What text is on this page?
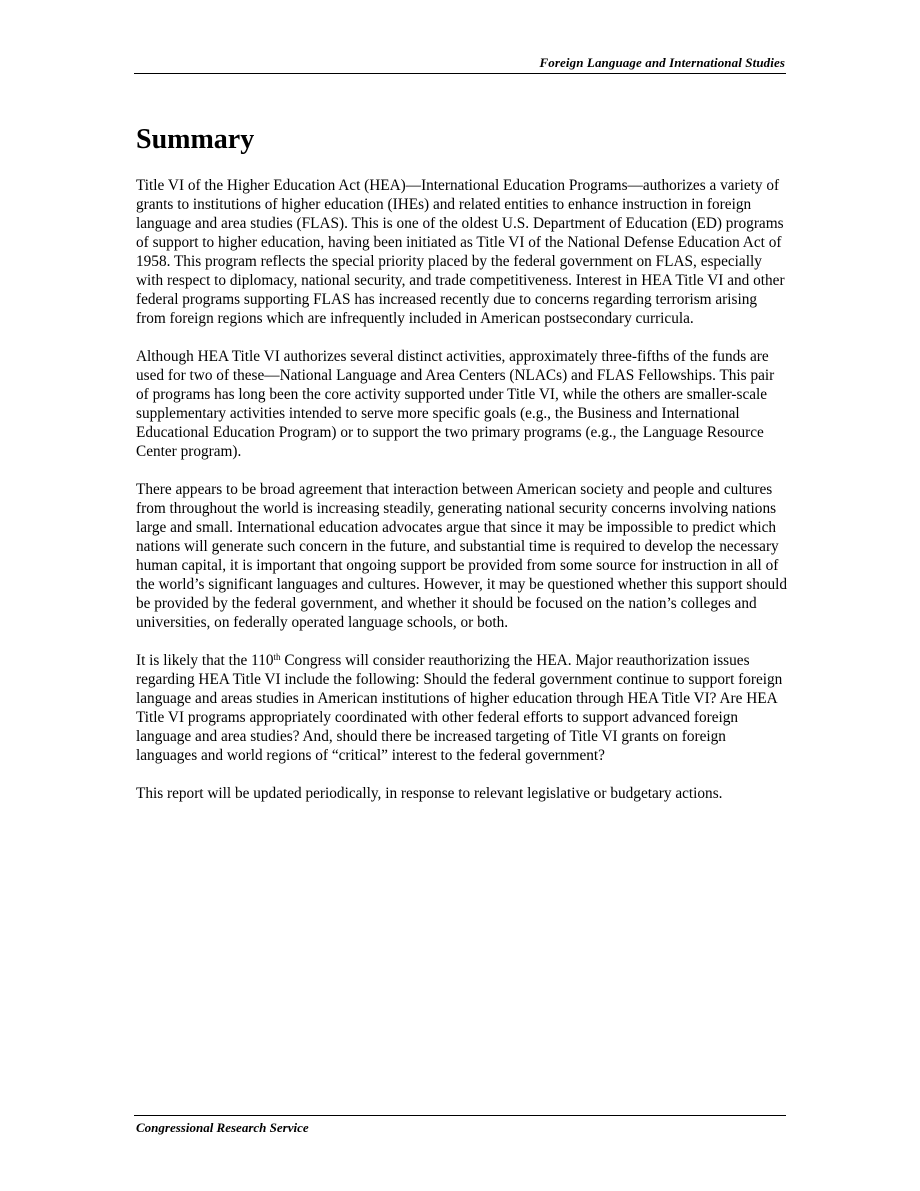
Foreign Language and International Studies
Summary

Title VI of the Higher Education Act (HEA)—International Education Programs—authorizes a variety of grants to institutions of higher education (IHEs) and related entities to enhance instruction in foreign language and area studies (FLAS). This is one of the oldest U.S. Department of Education (ED) programs of support to higher education, having been initiated as Title VI of the National Defense Education Act of 1958. This program reflects the special priority placed by the federal government on FLAS, especially with respect to diplomacy, national security, and trade competitiveness. Interest in HEA Title VI and other federal programs supporting FLAS has increased recently due to concerns regarding terrorism arising from foreign regions which are infrequently included in American postsecondary curricula.

Although HEA Title VI authorizes several distinct activities, approximately three-fifths of the funds are used for two of these—National Language and Area Centers (NLACs) and FLAS Fellowships. This pair of programs has long been the core activity supported under Title VI, while the others are smaller-scale supplementary activities intended to serve more specific goals (e.g., the Business and International Educational Education Program) or to support the two primary programs (e.g., the Language Resource Center program).

There appears to be broad agreement that interaction between American society and people and cultures from throughout the world is increasing steadily, generating national security concerns involving nations large and small. International education advocates argue that since it may be impossible to predict which nations will generate such concern in the future, and substantial time is required to develop the necessary human capital, it is important that ongoing support be provided from some source for instruction in all of the world’s significant languages and cultures. However, it may be questioned whether this support should be provided by the federal government, and whether it should be focused on the nation’s colleges and universities, on federally operated language schools, or both.

It is likely that the 110th Congress will consider reauthorizing the HEA. Major reauthorization issues regarding HEA Title VI include the following: Should the federal government continue to support foreign language and areas studies in American institutions of higher education through HEA Title VI? Are HEA Title VI programs appropriately coordinated with other federal efforts to support advanced foreign language and area studies? And, should there be increased targeting of Title VI grants on foreign languages and world regions of “critical” interest to the federal government?

This report will be updated periodically, in response to relevant legislative or budgetary actions.

Congressional Research Service
